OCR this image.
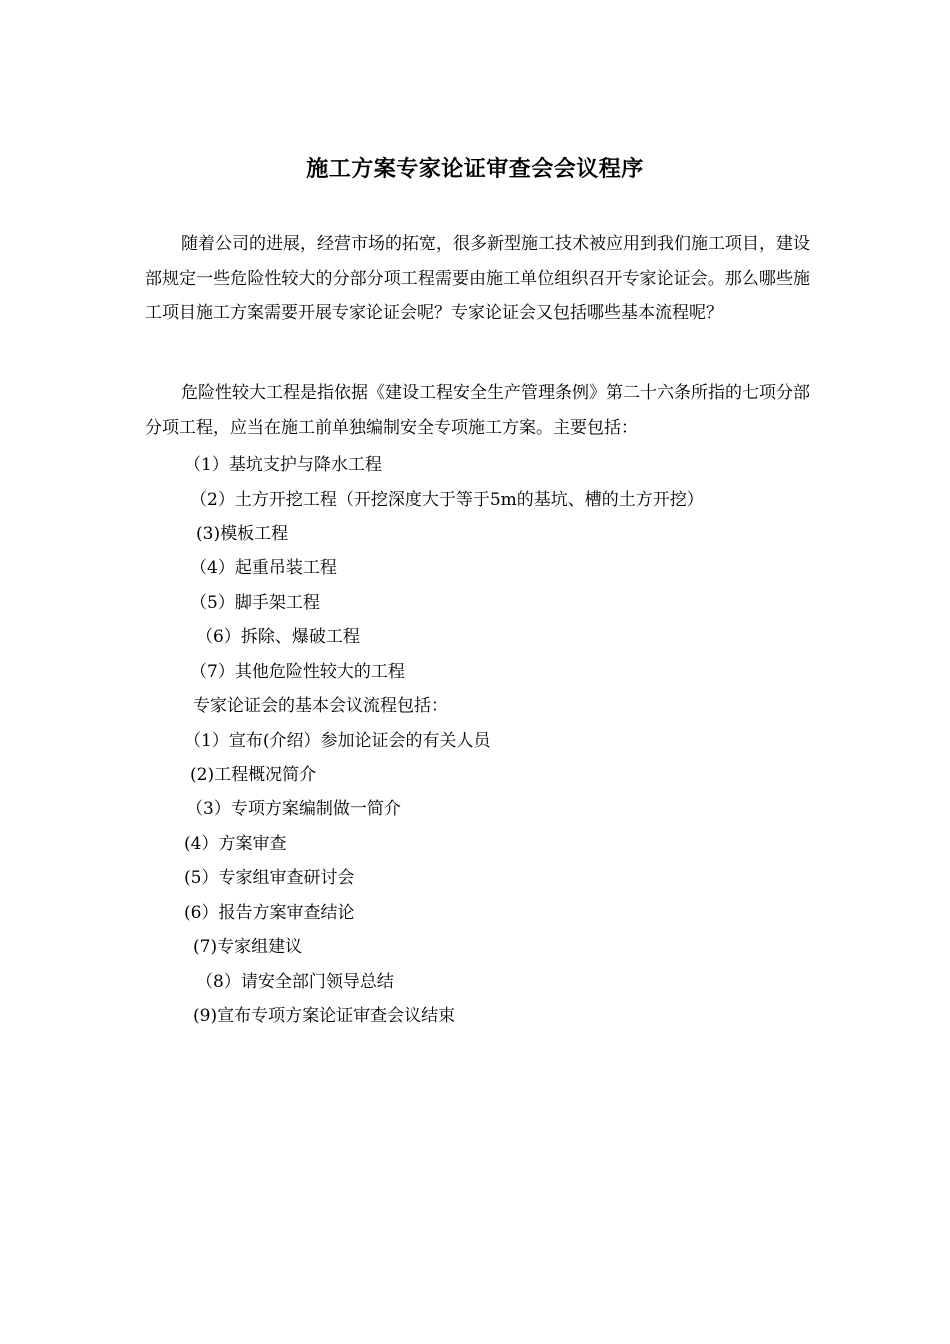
施工方案专家论证审查会会议程序

随着公司的进展，经营市场的拓宽，很多新型施工技术被应用到我们施工项目，建设部规定一些危险性较大的分部分项工程需要由施工单位组织召开专家论证会。那么哪些施工项目施工方案需要开展专家论证会呢？专家论证会又包括哪些基本流程呢？

危险性较大工程是指依据《建设工程安全生产管理条例》第二十六条所指的七项分部分项工程，应当在施工前单独编制安全专项施工方案。主要包括：

（1）基坑支护与降水工程

（2）土方开挖工程（开挖深度大于等于5m的基坑、槽的土方开挖）

(3)模板工程

（4）起重吊装工程

（5）脚手架工程

（6）拆除、爆破工程

（7）其他危险性较大的工程

专家论证会的基本会议流程包括：

（1）宣布(介绍）参加论证会的有关人员

(2)工程概况简介

（3）专项方案编制做一简介

(4）方案审查

(5）专家组审查研讨会

(6）报告方案审查结论

(7)专家组建议

（8）请安全部门领导总结

(9)宣布专项方案论证审查会议结束
